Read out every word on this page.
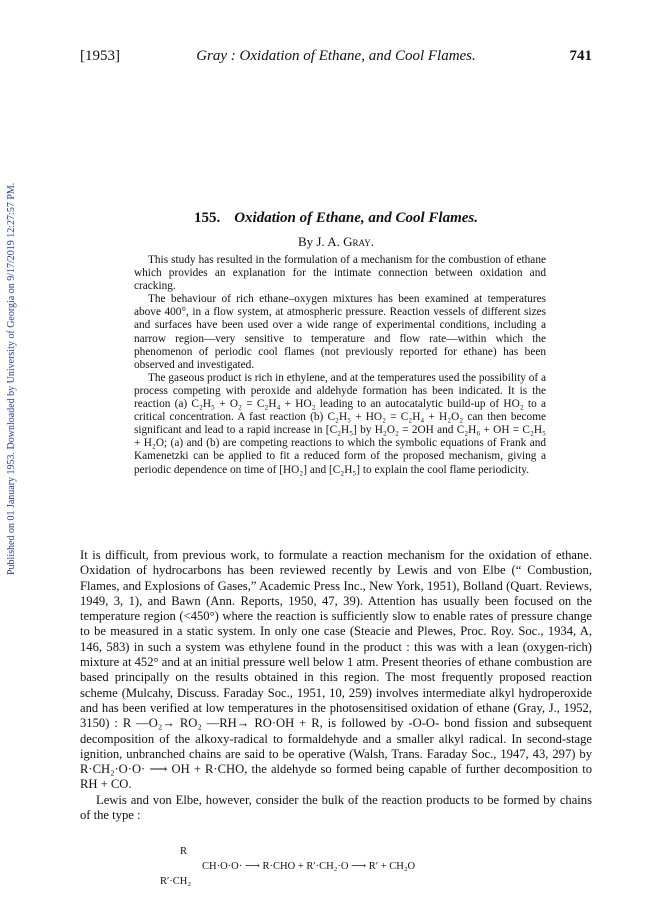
[1953]	Gray : Oxidation of Ethane, and Cool Flames.	741
Published on 01 January 1953. Downloaded by University of Georgia on 9/17/2019 12:27:57 PM.	155. Oxidation of Ethane, and Cool Flames.
By J. A. Gray.

This study has resulted in the formulation of a mechanism for the combustion of ethane which provides an explanation for the intimate connection between oxidation and cracking.

The behaviour of rich ethane–oxygen mixtures has been examined at temperatures above 400°, in a flow system, at atmospheric pressure. Reaction vessels of different sizes and surfaces have been used over a wide range of experimental conditions, including a narrow region—very sensitive to temperature and flow rate—within which the phenomenon of periodic cool flames (not previously reported for ethane) has been observed and investigated.

The gaseous product is rich in ethylene, and at the temperatures used the possibility of a process competing with peroxide and aldehyde formation has been indicated. It is the reaction (a) C₂H₅ + O₂ = C₂H₄ + HO₂ leading to an autocatalytic build-up of HO₂ to a critical concentration. A fast reaction (b) C₂H₅ + HO₂ = C₂H₄ + H₂O₂ can then become significant and lead to a rapid increase in [C₂H₅] by H₂O₂ = 2OH and C₂H₆ + OH = C₂H₅ + H₂O; (a) and (b) are competing reactions to which the symbolic equations of Frank and Kamenetzki can be applied to fit a reduced form of the proposed mechanism, giving a periodic dependence on time of [HO₂] and [C₂H₅] to explain the cool flame periodicity.

It is difficult, from previous work, to formulate a reaction mechanism for the oxidation of ethane. Oxidation of hydrocarbons has been reviewed recently by Lewis and von Elbe (“ Combustion, Flames, and Explosions of Gases,” Academic Press Inc., New York, 1951), Bolland (Quart. Reviews, 1949, 3, 1), and Bawn (Ann. Reports, 1950, 47, 39). Attention has usually been focused on the temperature region (<450°) where the reaction is sufficiently slow to enable rates of pressure change to be measured in a static system. In only one case (Steacie and Plewes, Proc. Roy. Soc., 1934, A, 146, 583) in such a system was ethylene found in the product : this was with a lean (oxygen-rich) mixture at 452° and at an initial pressure well below 1 atm. Present theories of ethane combustion are based principally on the results obtained in this region. The most frequently proposed reaction scheme (Mulcahy, Discuss. Faraday Soc., 1951, 10, 259) involves intermediate alkyl hydroperoxide and has been verified at low temperatures in the photosensitised oxidation of ethane (Gray, J., 1952, 3150) : R —O₂→ RO₂ —RH→ RO·OH + R, is followed by -O-O- bond fission and subsequent decomposition of the alkoxy-radical to formaldehyde and a smaller alkyl radical. In second-stage ignition, unbranched chains are said to be operative (Walsh, Trans. Faraday Soc., 1947, 43, 297) by R·CH₂·O·O· ⟶ OH + R·CHO, the aldehyde so formed being capable of further decomposition to RH + CO.

Lewis and von Elbe, however, consider the bulk of the reaction products to be formed by chains of the type :

R
CH·O·O· ⟶ R·CHO + R′·CH₂·O ⟶ R′ + CH₂O
R′·CH₂
